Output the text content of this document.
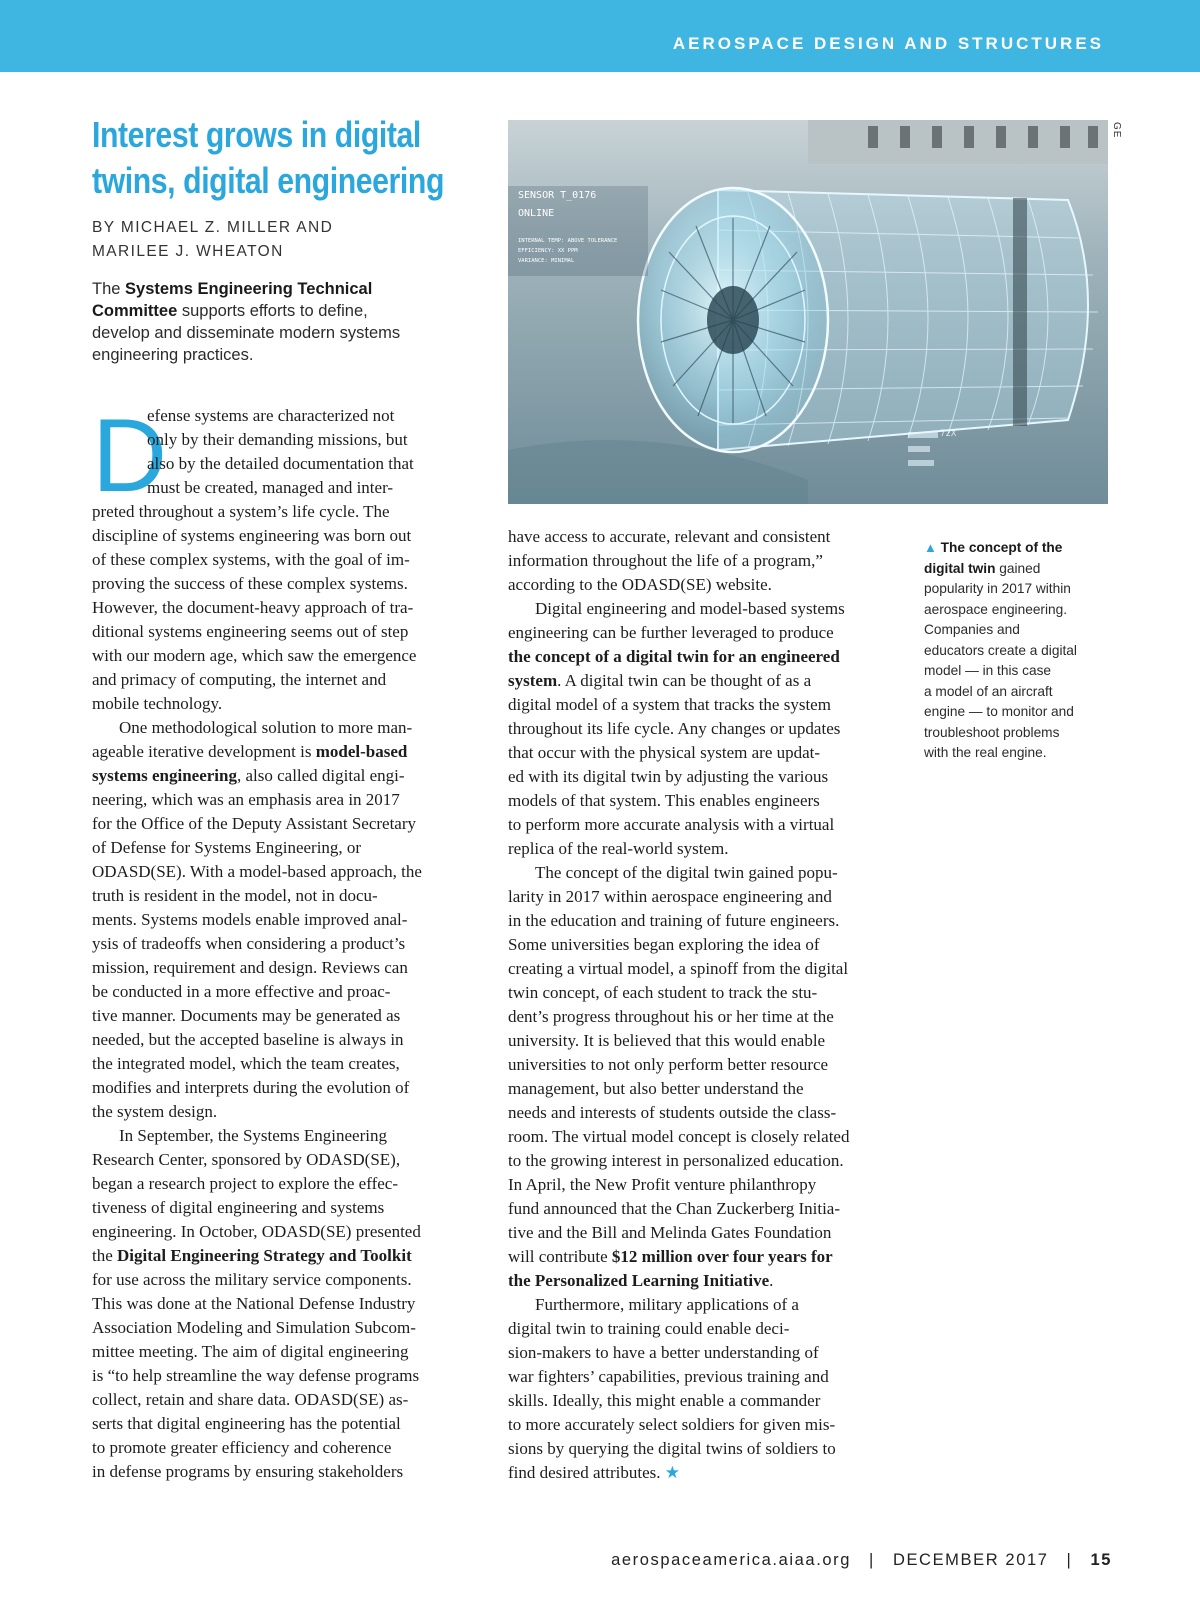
AEROSPACE DESIGN AND STRUCTURES
Interest grows in digital
twins, digital engineering
BY MICHAEL Z. MILLER AND
MARILEE J. WHEATON
The Systems Engineering Technical
Committee supports efforts to define,
develop and disseminate modern systems
engineering practices.
D
efense systems are characterized not
only by their demanding missions, but
also by the detailed documentation that
must be created, managed and inter-
preted throughout a system’s life cycle. The
discipline of systems engineering was born out
of these complex systems, with the goal of im-
proving the success of these complex systems.
However, the document-heavy approach of tra-
ditional systems engineering seems out of step
with our modern age, which saw the emergence
and primacy of computing, the internet and
mobile technology.
One methodological solution to more man-
ageable iterative development is model-based
systems engineering, also called digital engi-
neering, which was an emphasis area in 2017
for the Office of the Deputy Assistant Secretary
of Defense for Systems Engineering, or
ODASD(SE). With a model-based approach, the
truth is resident in the model, not in docu-
ments. Systems models enable improved anal-
ysis of tradeoffs when considering a product’s
mission, requirement and design. Reviews can
be conducted in a more effective and proac-
tive manner. Documents may be generated as
needed, but the accepted baseline is always in
the integrated model, which the team creates,
modifies and interprets during the evolution of
the system design.
In September, the Systems Engineering
Research Center, sponsored by ODASD(SE),
began a research project to explore the effec-
tiveness of digital engineering and systems
engineering. In October, ODASD(SE) presented
the Digital Engineering Strategy and Toolkit
for use across the military service components.
This was done at the National Defense Industry
Association Modeling and Simulation Subcom-
mittee meeting. The aim of digital engineering
is “to help streamline the way defense programs
collect, retain and share data. ODASD(SE) as-
serts that digital engineering has the potential
to promote greater efficiency and coherence
in defense programs by ensuring stakeholders
SENSOR T_0176
ONLINE
INTERNAL TEMP: ABOVE TOLERANCE
EFFICIENCY: XX PPM
VARIANCE: MINIMAL
72X
GE
have access to accurate, relevant and consistent
information throughout the life of a program,”
according to the ODASD(SE) website.
Digital engineering and model-based systems
engineering can be further leveraged to produce
the concept of a digital twin for an engineered
system. A digital twin can be thought of as a
digital model of a system that tracks the system
throughout its life cycle. Any changes or updates
that occur with the physical system are updat-
ed with its digital twin by adjusting the various
models of that system. This enables engineers
to perform more accurate analysis with a virtual
replica of the real-world system.
The concept of the digital twin gained popu-
larity in 2017 within aerospace engineering and
in the education and training of future engineers.
Some universities began exploring the idea of
creating a virtual model, a spinoff from the digital
twin concept, of each student to track the stu-
dent’s progress throughout his or her time at the
university. It is believed that this would enable
universities to not only perform better resource
management, but also better understand the
needs and interests of students outside the class-
room. The virtual model concept is closely related
to the growing interest in personalized education.
In April, the New Profit venture philanthropy
fund announced that the Chan Zuckerberg Initia-
tive and the Bill and Melinda Gates Foundation
will contribute $12 million over four years for
the Personalized Learning Initiative.
Furthermore, military applications of a
digital twin to training could enable deci-
sion-makers to have a better understanding of
war fighters’ capabilities, previous training and
skills. Ideally, this might enable a commander
to more accurately select soldiers for given mis-
sions by querying the digital twins of soldiers to
find desired attributes. ★
▲ The concept of the
digital twin gained
popularity in 2017 within
aerospace engineering.
Companies and
educators create a digital
model — in this case
a model of an aircraft
engine — to monitor and
troubleshoot problems
with the real engine.
aerospaceamerica.aiaa.org | DECEMBER 2017 | 15
